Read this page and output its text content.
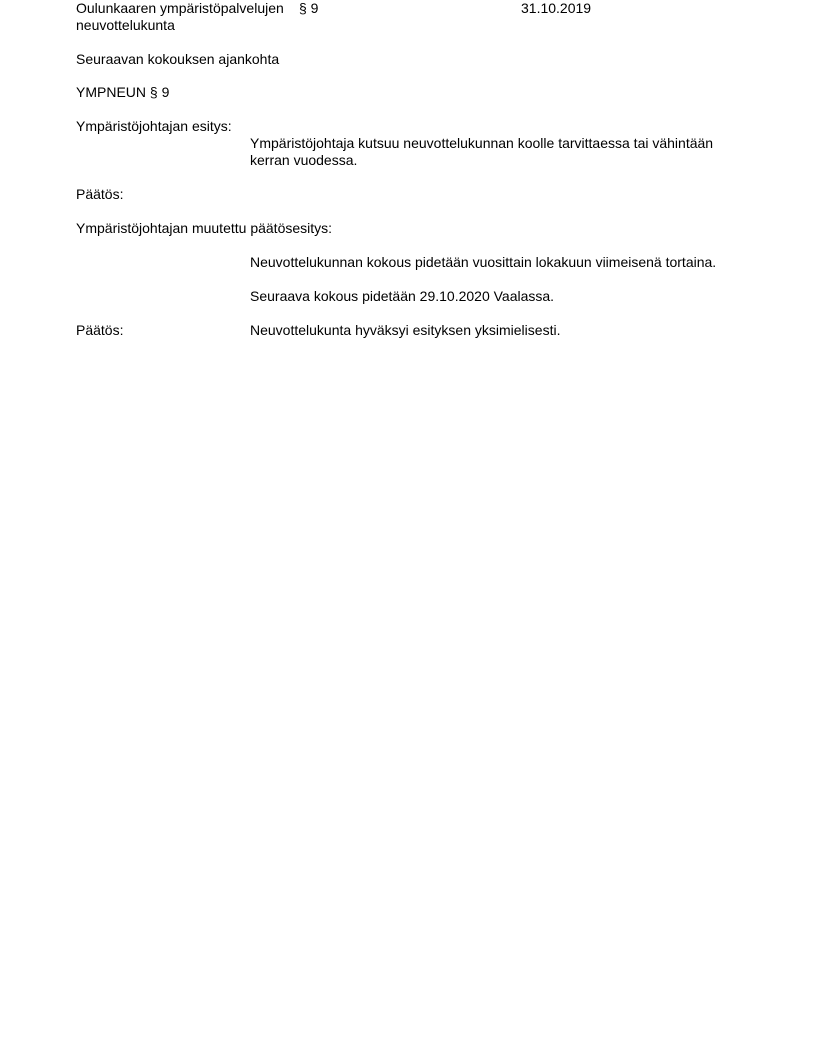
Oulunkaaren ympäristöpalvelujen
neuvottelukunta
§ 9	31.10.2019
Seuraavan kokouksen ajankohta
YMPNEUN § 9
Ympäristöjohtajan esitys:
Ympäristöjohtaja kutsuu neuvottelukunnan koolle tarvittaessa tai vähintään kerran vuodessa.
Päätös:
Ympäristöjohtajan muutettu päätösesitys:
Neuvottelukunnan kokous pidetään vuosittain lokakuun viimeisenä tortaina.
Seuraava kokous pidetään 29.10.2020 Vaalassa.
Päätös:	Neuvottelukunta hyväksyi esityksen yksimielisesti.
